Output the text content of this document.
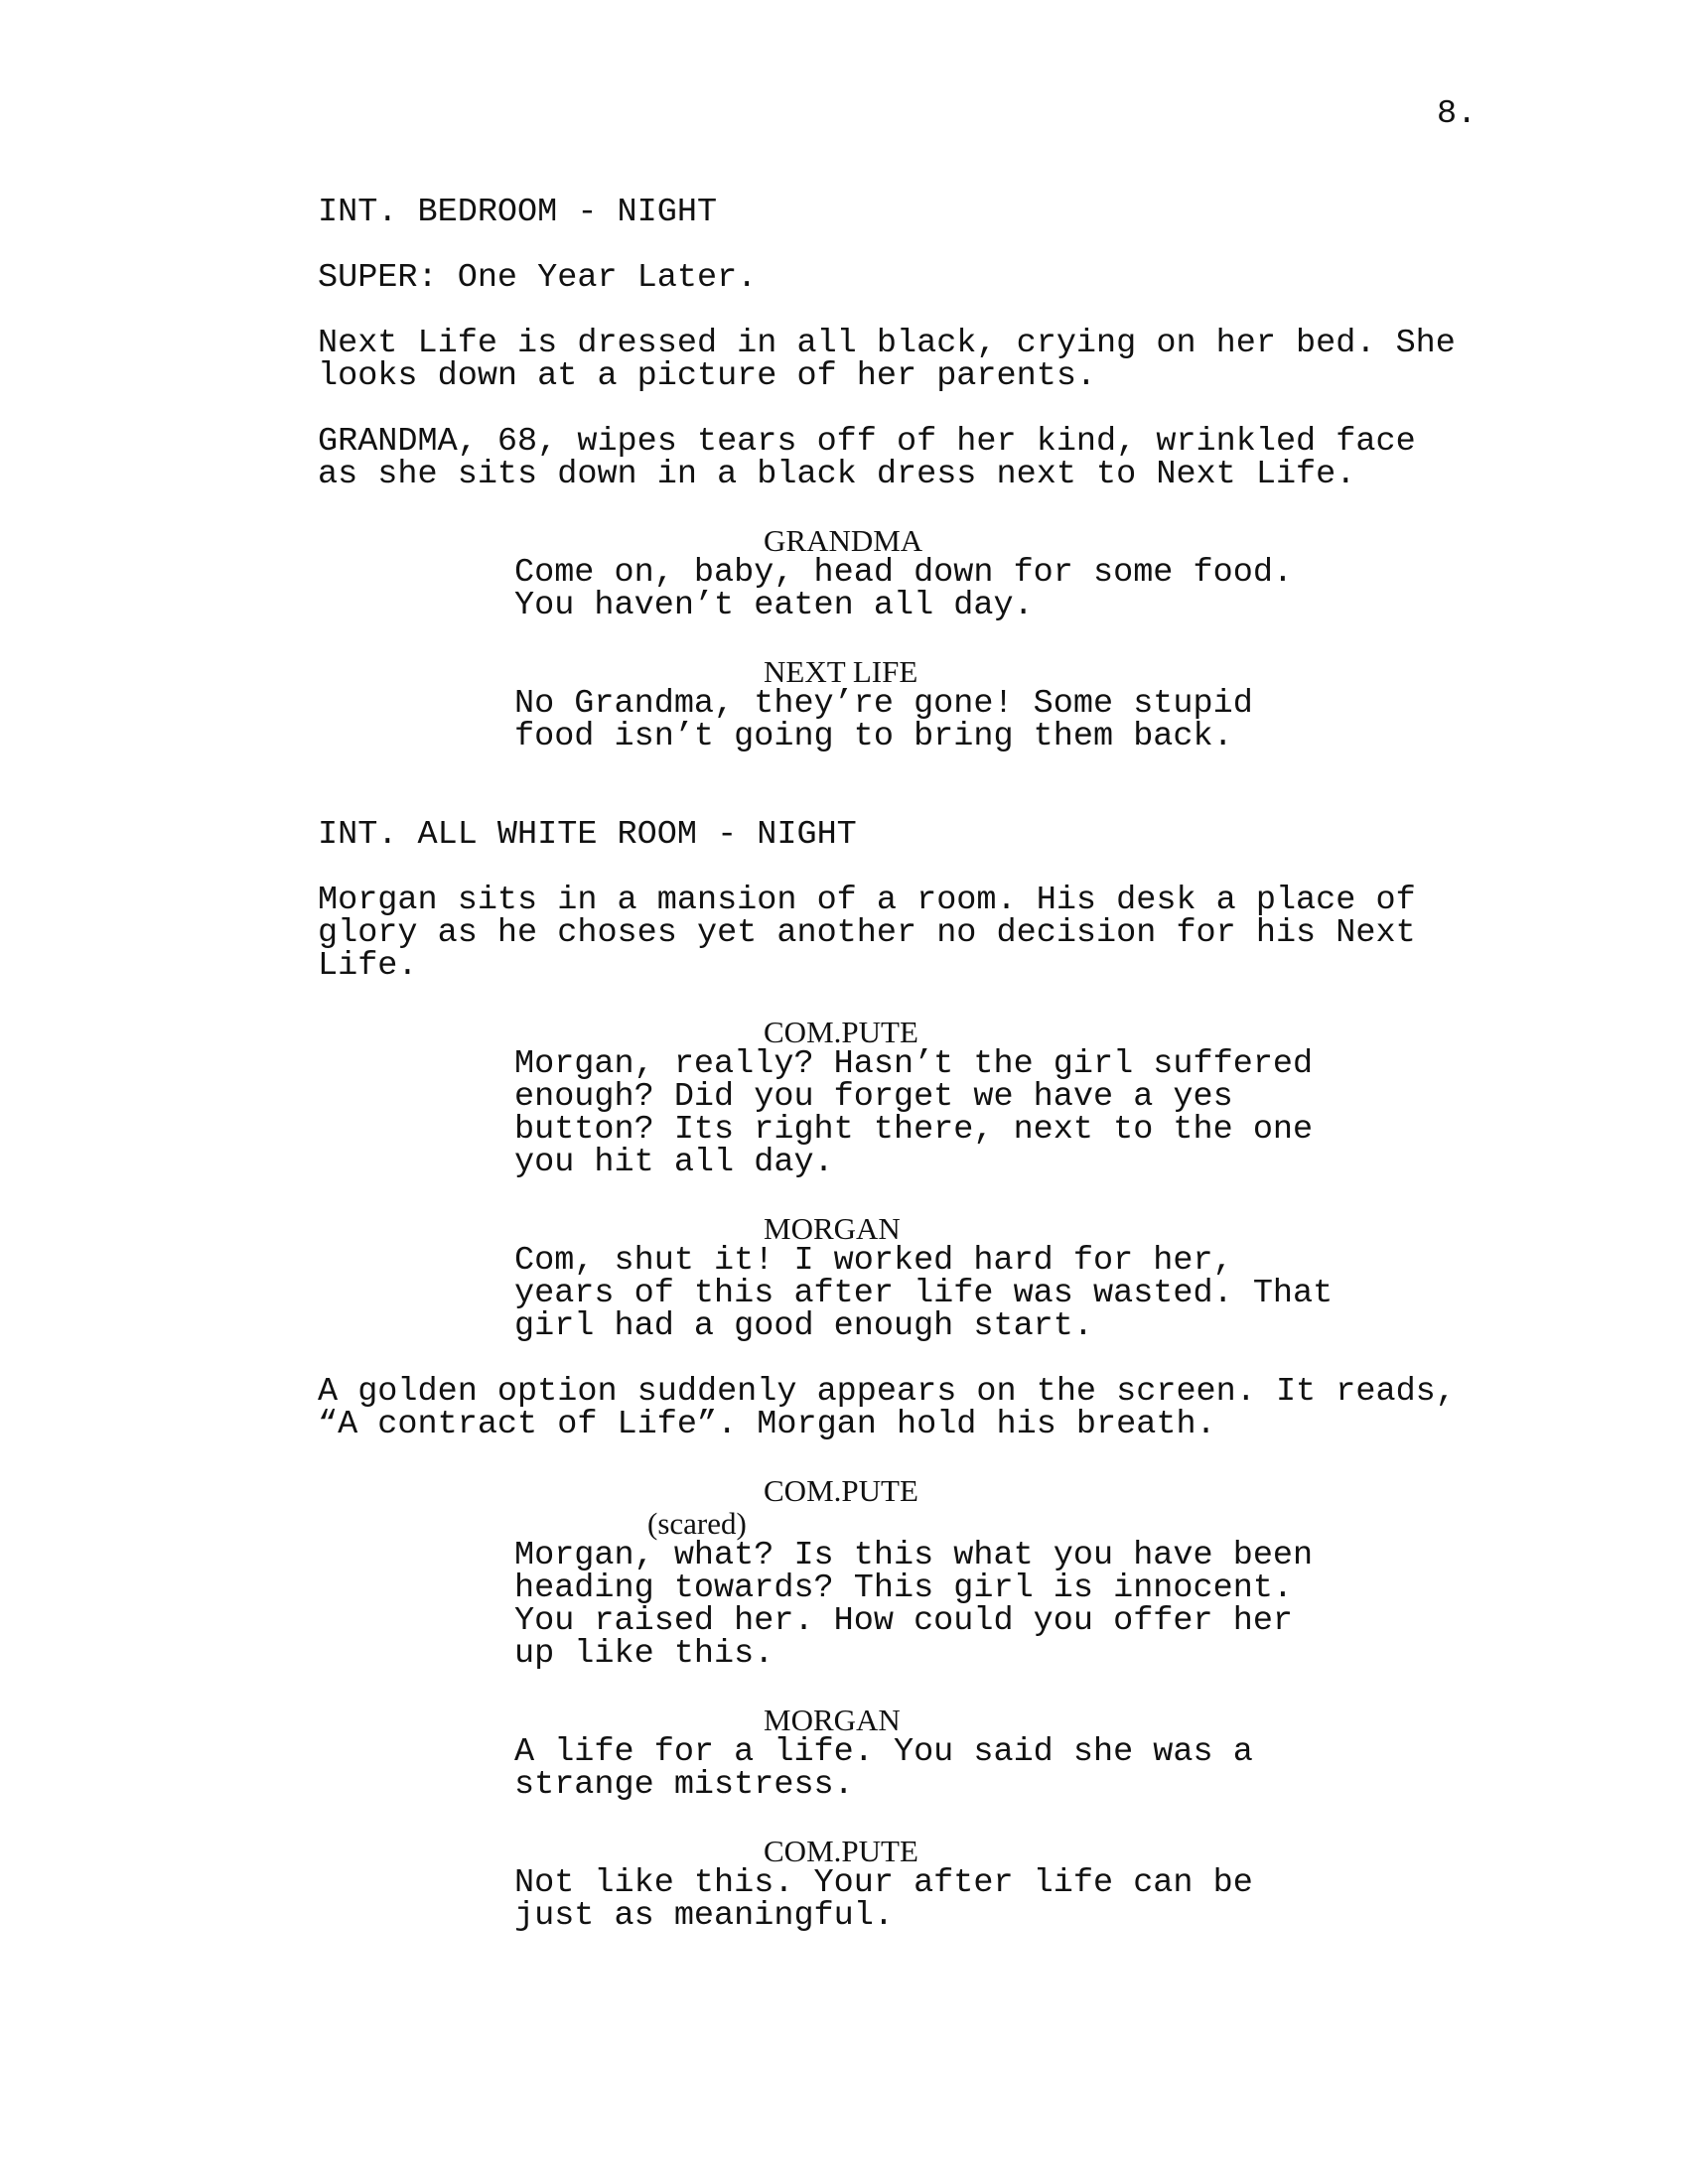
8.
INT. BEDROOM - NIGHT
SUPER: One Year Later.
Next Life is dressed in all black, crying on her bed. She
looks down at a picture of her parents.
GRANDMA, 68, wipes tears off of her kind, wrinkled face
as she sits down in a black dress next to Next Life.
GRANDMA
Come on, baby, head down for some food.
You haven’t eaten all day.
NEXT LIFE
No Grandma, they’re gone! Some stupid
food isn’t going to bring them back.
INT. ALL WHITE ROOM - NIGHT
Morgan sits in a mansion of a room. His desk a place of
glory as he choses yet another no decision for his Next
Life.
COM.PUTE
Morgan, really? Hasn’t the girl suffered
enough? Did you forget we have a yes
button? Its right there, next to the one
you hit all day.
MORGAN
Com, shut it! I worked hard for her,
years of this after life was wasted. That
girl had a good enough start.
A golden option suddenly appears on the screen. It reads,
“A contract of Life”. Morgan hold his breath.
COM.PUTE
(scared)
Morgan, what? Is this what you have been
heading towards? This girl is innocent.
You raised her. How could you offer her
up like this.
MORGAN
A life for a life. You said she was a
strange mistress.
COM.PUTE
Not like this. Your after life can be
just as meaningful.
